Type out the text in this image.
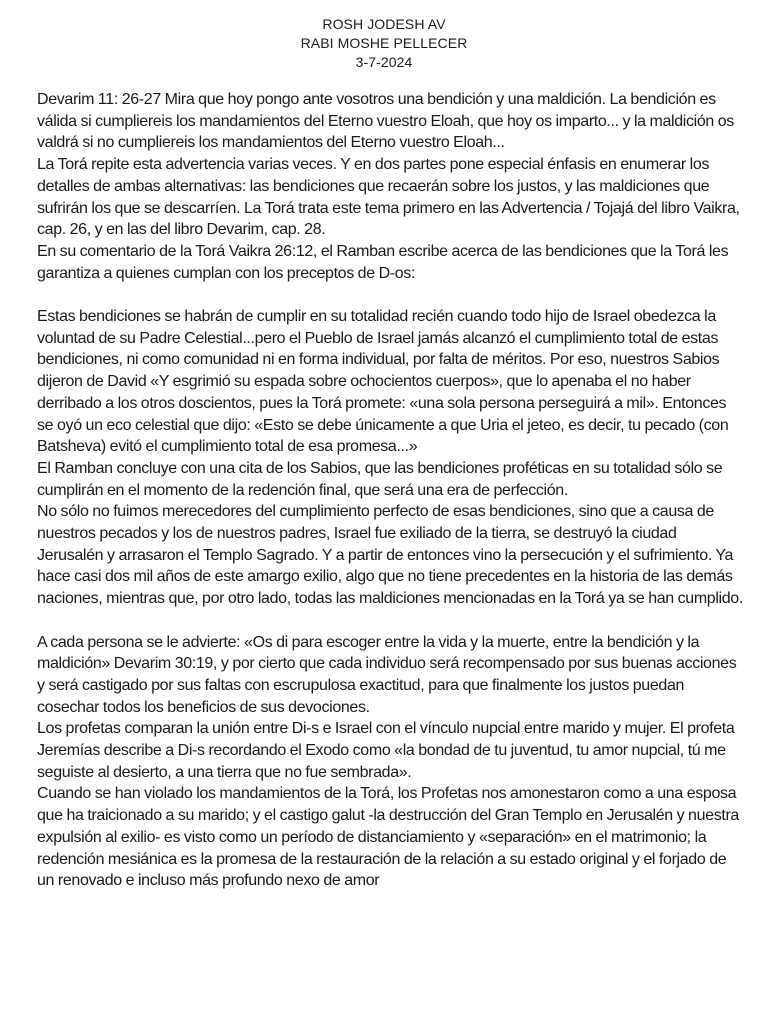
ROSH JODESH AV
RABI MOSHE PELLECER
3-7-2024

Devarim 11: 26-27 Mira que hoy pongo ante vosotros una bendición y una maldición. La bendición es válida si cumpliereis los mandamientos del Eterno vuestro Eloah, que hoy os imparto... y la maldición os valdrá si no cumpliereis los mandamientos del Eterno vuestro Eloah...

La Torá repite esta advertencia varias veces. Y en dos partes pone especial énfasis en enumerar los detalles de ambas alternativas: las bendiciones que recaerán sobre los justos, y las maldiciones que sufrirán los que se descarríen. La Torá trata este tema primero en las Advertencia / Tojajá del libro Vaikra, cap. 26, y en las del libro Devarim, cap. 28.

En su comentario de la Torá Vaikra 26:12, el Ramban escribe acerca de las bendiciones que la Torá les garantiza a quienes cumplan con los preceptos de D-os:

Estas bendiciones se habrán de cumplir en su totalidad recién cuando todo hijo de Israel obedezca la voluntad de su Padre Celestial...pero el Pueblo de Israel jamás alcanzó el cumplimiento total de estas bendiciones, ni como comunidad ni en forma individual, por falta de méritos. Por eso, nuestros Sabios dijeron de David «Y esgrimió su espada sobre ochocientos cuerpos», que lo apenaba el no haber derribado a los otros doscientos, pues la Torá promete: «una sola persona perseguirá a mil». Entonces se oyó un eco celestial que dijo: «Esto se debe únicamente a que Uria el jeteo, es decir, tu pecado (con Batsheva) evitó el cumplimiento total de esa promesa...»

El Ramban concluye con una cita de los Sabios, que las bendiciones proféticas en su totalidad sólo se cumplirán en el momento de la redención final, que será una era de perfección.

No sólo no fuimos merecedores del cumplimiento perfecto de esas bendiciones, sino que a causa de nuestros pecados y los de nuestros padres, Israel fue exiliado de la tierra, se destruyó la ciudad Jerusalén y arrasaron el Templo Sagrado. Y a partir de entonces vino la persecución y el sufrimiento. Ya hace casi dos mil años de este amargo exilio, algo que no tiene precedentes en la historia de las demás naciones, mientras que, por otro lado, todas las maldiciones mencionadas en la Torá ya se han cumplido.

A cada persona se le advierte: «Os di para escoger entre la vida y la muerte, entre la bendición y la maldición» Devarim 30:19, y por cierto que cada individuo será recompensado por sus buenas acciones y será castigado por sus faltas con escrupulosa exactitud, para que finalmente los justos puedan cosechar todos los beneficios de sus devociones.

Los profetas comparan la unión entre Di-s e Israel con el vínculo nupcial entre marido y mujer. El profeta Jeremías describe a Di-s recordando el Exodo como «la bondad de tu juventud, tu amor nupcial, tú me seguiste al desierto, a una tierra que no fue sembrada».

Cuando se han violado los mandamientos de la Torá, los Profetas nos amonestaron como a una esposa que ha traicionado a su marido; y el castigo galut -la destrucción del Gran Templo en Jerusalén y nuestra expulsión al exilio- es visto como un período de distanciamiento y «separación» en el matrimonio; la redención mesiánica es la promesa de la restauración de la relación a su estado original y el forjado de un renovado e incluso más profundo nexo de amor
